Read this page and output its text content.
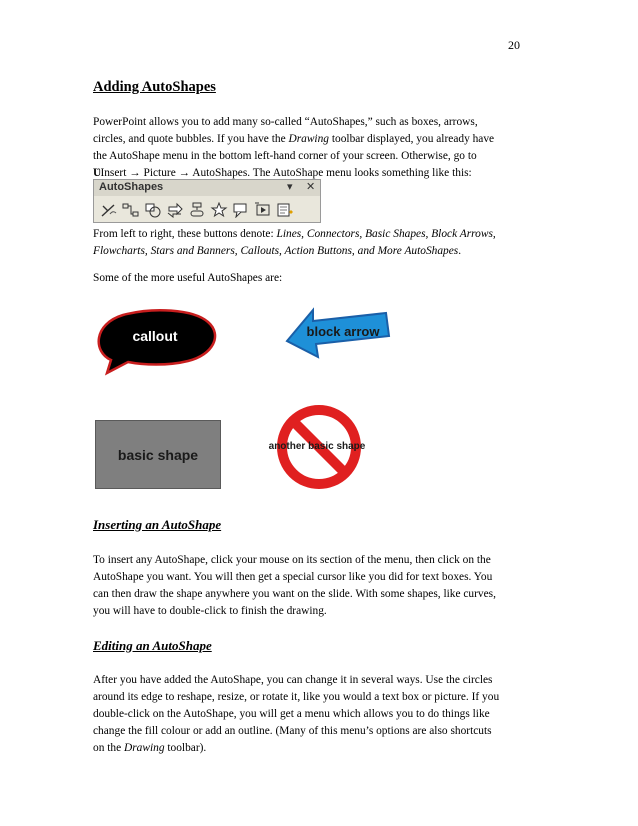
20
Adding AutoShapes
PowerPoint allows you to add many so-called “AutoShapes,” such as boxes, arrows,
circles, and quote bubbles. If you have the Drawing toolbar displayed, you already have
the AutoShape menu in the bottom left-hand corner of your screen. Otherwise, go to
ƲInsert → Picture → AutoShapes. The AutoShape menu looks something like this:
AutoShapes	▾ ✕
From left to right, these buttons denote: Lines, Connectors, Basic Shapes, Block Arrows,
Flowcharts, Stars and Banners, Callouts, Action Buttons, and More AutoShapes.
Some of the more useful AutoShapes are:
callout	block arrow
basic shape	another basic shape
Inserting an AutoShape
To insert any AutoShape, click your mouse on its section of the menu, then click on the
AutoShape you want. You will then get a special cursor like you did for text boxes. You
can then draw the shape anywhere you want on the slide. With some shapes, like curves,
you will have to double-click to finish the drawing.
Editing an AutoShape
After you have added the AutoShape, you can change it in several ways. Use the circles
around its edge to reshape, resize, or rotate it, like you would a text box or picture. If you
double-click on the AutoShape, you will get a menu which allows you to do things like
change the fill colour or add an outline. (Many of this menu’s options are also shortcuts
on the Drawing toolbar).
